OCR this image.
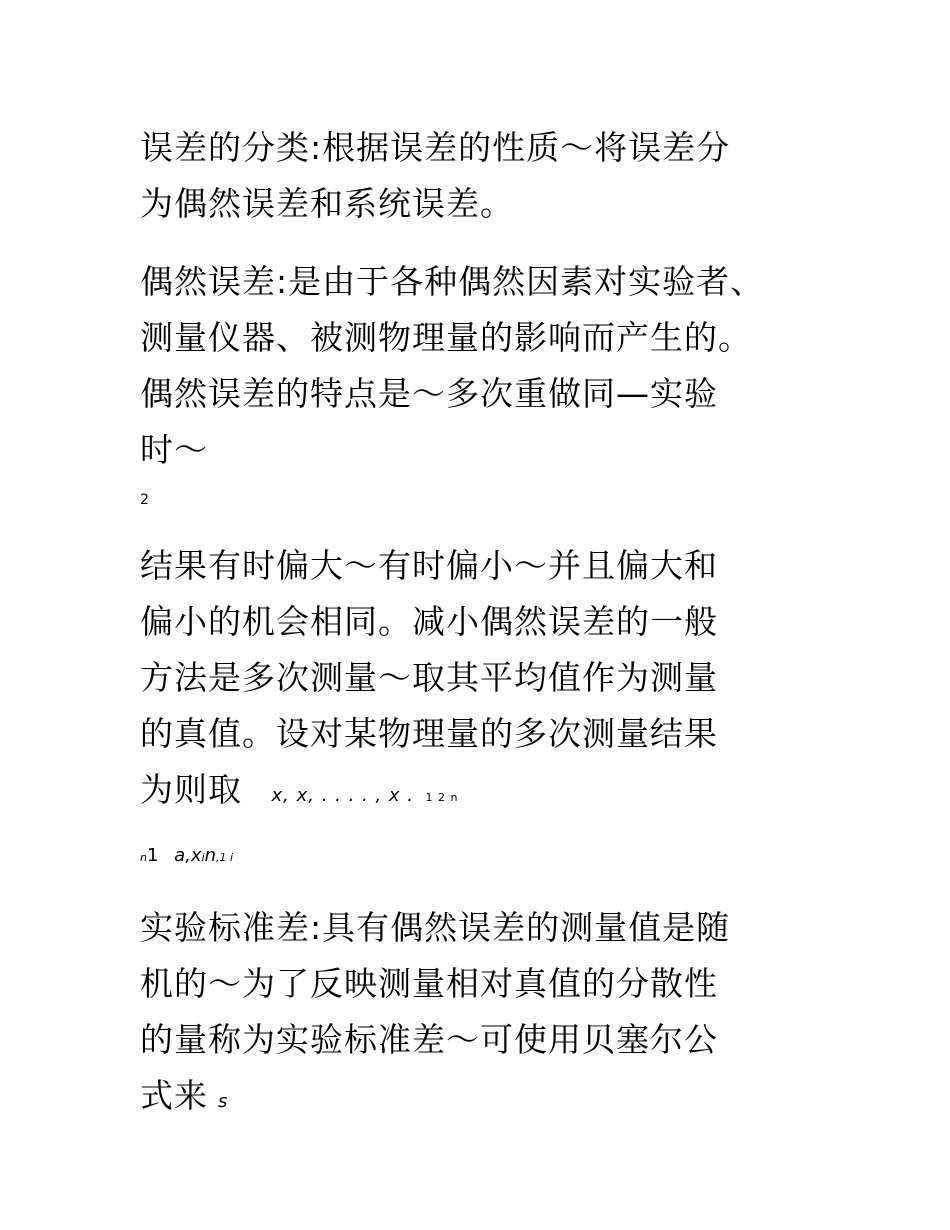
误差的分类:根据误差的性质～将误差分
为偶然误差和系统误差。
偶然误差:是由于各种偶然因素对实验者、
测量仪器、被测物理量的影响而产生的。
偶然误差的特点是～多次重做同—实验
时～
2
结果有时偏大～有时偏小～并且偏大和
偏小的机会相同。减小偶然误差的一般
方法是多次测量～取其平均值作为测量
的真值。设对某物理量的多次测量结果
为则取 x, x, . . . . , x . 1 2 n
n1 a,xin,1 i
实验标准差:具有偶然误差的测量值是随
机的～为了反映测量相对真值的分散性
的量称为实验标准差～可使用贝塞尔公
式来 s
